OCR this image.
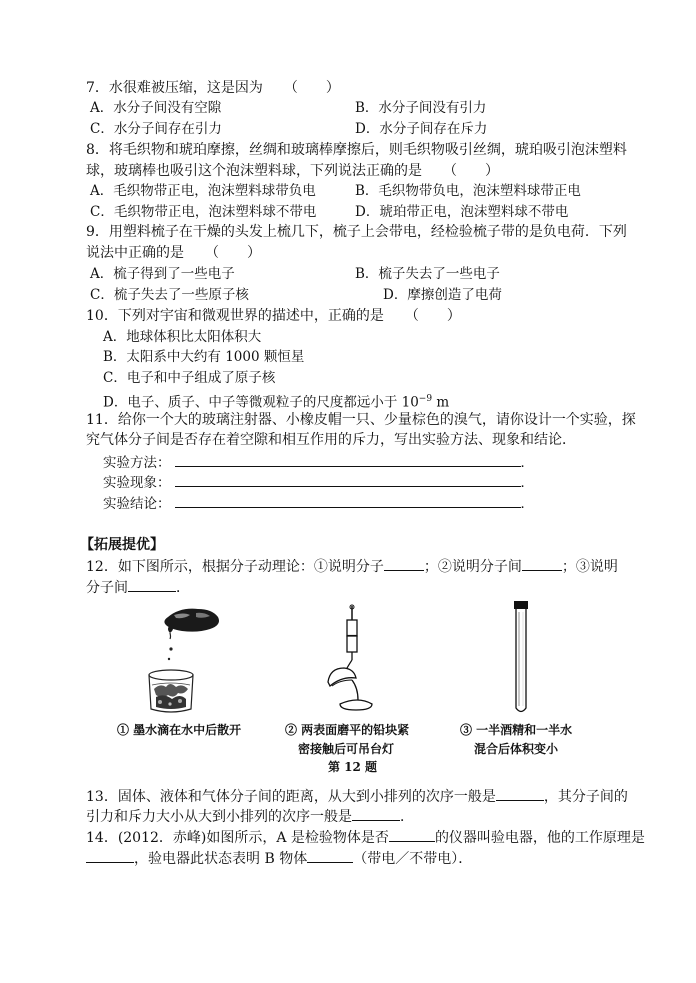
7．水很难被压缩，这是因为　　（　　）
A．水分子间没有空隙	B．水分子间没有引力
C．水分子间存在引力	D．水分子间存在斥力
8．将毛织物和琥珀摩擦，丝绸和玻璃棒摩擦后，则毛织物吸引丝绸，琥珀吸引泡沫塑料
球，玻璃棒也吸引这个泡沫塑料球，下列说法正确的是　　（　　）
A．毛织物带正电，泡沫塑料球带负电	B．毛织物带负电，泡沫塑料球带正电
C．毛织物带正电，泡沫塑料球不带电	D．琥珀带正电，泡沫塑料球不带电
9．用塑料梳子在干燥的头发上梳几下，梳子上会带电，经检验梳子带的是负电荷．下列
说法中正确的是　　（　　）
A．梳子得到了一些电子	B．梳子失去了一些电子
C．梳子失去了一些原子核	D．摩擦创造了电荷
10．下列对宇宙和微观世界的描述中，正确的是　　（　　）
A．地球体积比太阳体积大
B．太阳系中大约有 1000 颗恒星
C．电子和中子组成了原子核
D．电子、质子、中子等微观粒子的尺度都远小于 $10^{-9}$ m
11．给你一个大的玻璃注射器、小橡皮帽一只、少量棕色的溴气，请你设计一个实验，探
究气体分子间是否存在着空隙和相互作用的斥力，写出实验方法、现象和结论．
实验方法：	．
实验现象：	．
实验结论：	．
【拓展提优】
12．如下图所示，根据分子动理论：①说明分子	；②说明分子间	；③说明
分子间	．
① 墨水滴在水中后散开	② 两表面磨平的铅块紧
密接触后可吊台灯
③ 一半酒精和一半水
混合后体积变小
第 12 题
13．固体、液体和气体分子间的距离，从大到小排列的次序一般是	，其分子间的
引力和斥力大小从大到小排列的次序一般是	．
14．(2012．赤峰)如图所示，A 是检验物体是否	的仪器叫验电器，他的工作原理是
，验电器此状态表明 B 物体	（带电／不带电）．
